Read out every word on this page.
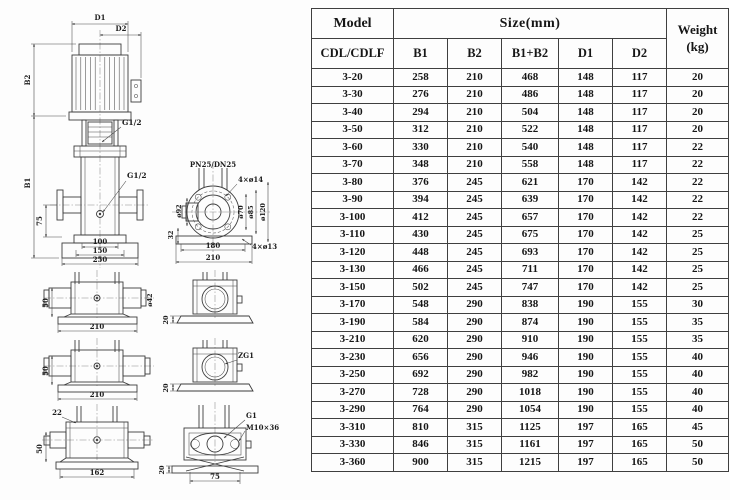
D1
D2
B2
B1
75
G1/2
G1/2
100
150
250
PN25/DN25
4×ø14
ø70 ø85 ø120
ø92
32
180
210
4×ø13
50	ø42
210
20
50
210
ZG1
20
22
50
162
G1
M10×36
20
75
Model	Size(mm)					Weight
(kg)
CDL/CDLF	B1	B2	B1+B2	D1	D2	
3-20	258	210	468	148	117	20
3-30	276	210	486	148	117	20
3-40	294	210	504	148	117	20
3-50	312	210	522	148	117	20
3-60	330	210	540	148	117	22
3-70	348	210	558	148	117	22
3-80	376	245	621	170	142	22
3-90	394	245	639	170	142	22
3-100	412	245	657	170	142	22
3-110	430	245	675	170	142	25
3-120	448	245	693	170	142	25
3-130	466	245	711	170	142	25
3-150	502	245	747	170	142	25
3-170	548	290	838	190	155	30
3-190	584	290	874	190	155	35
3-210	620	290	910	190	155	35
3-230	656	290	946	190	155	40
3-250	692	290	982	190	155	40
3-270	728	290	1018	190	155	40
3-290	764	290	1054	190	155	40
3-310	810	315	1125	197	165	45
3-330	846	315	1161	197	165	50
3-360	900	315	1215	197	165	50
